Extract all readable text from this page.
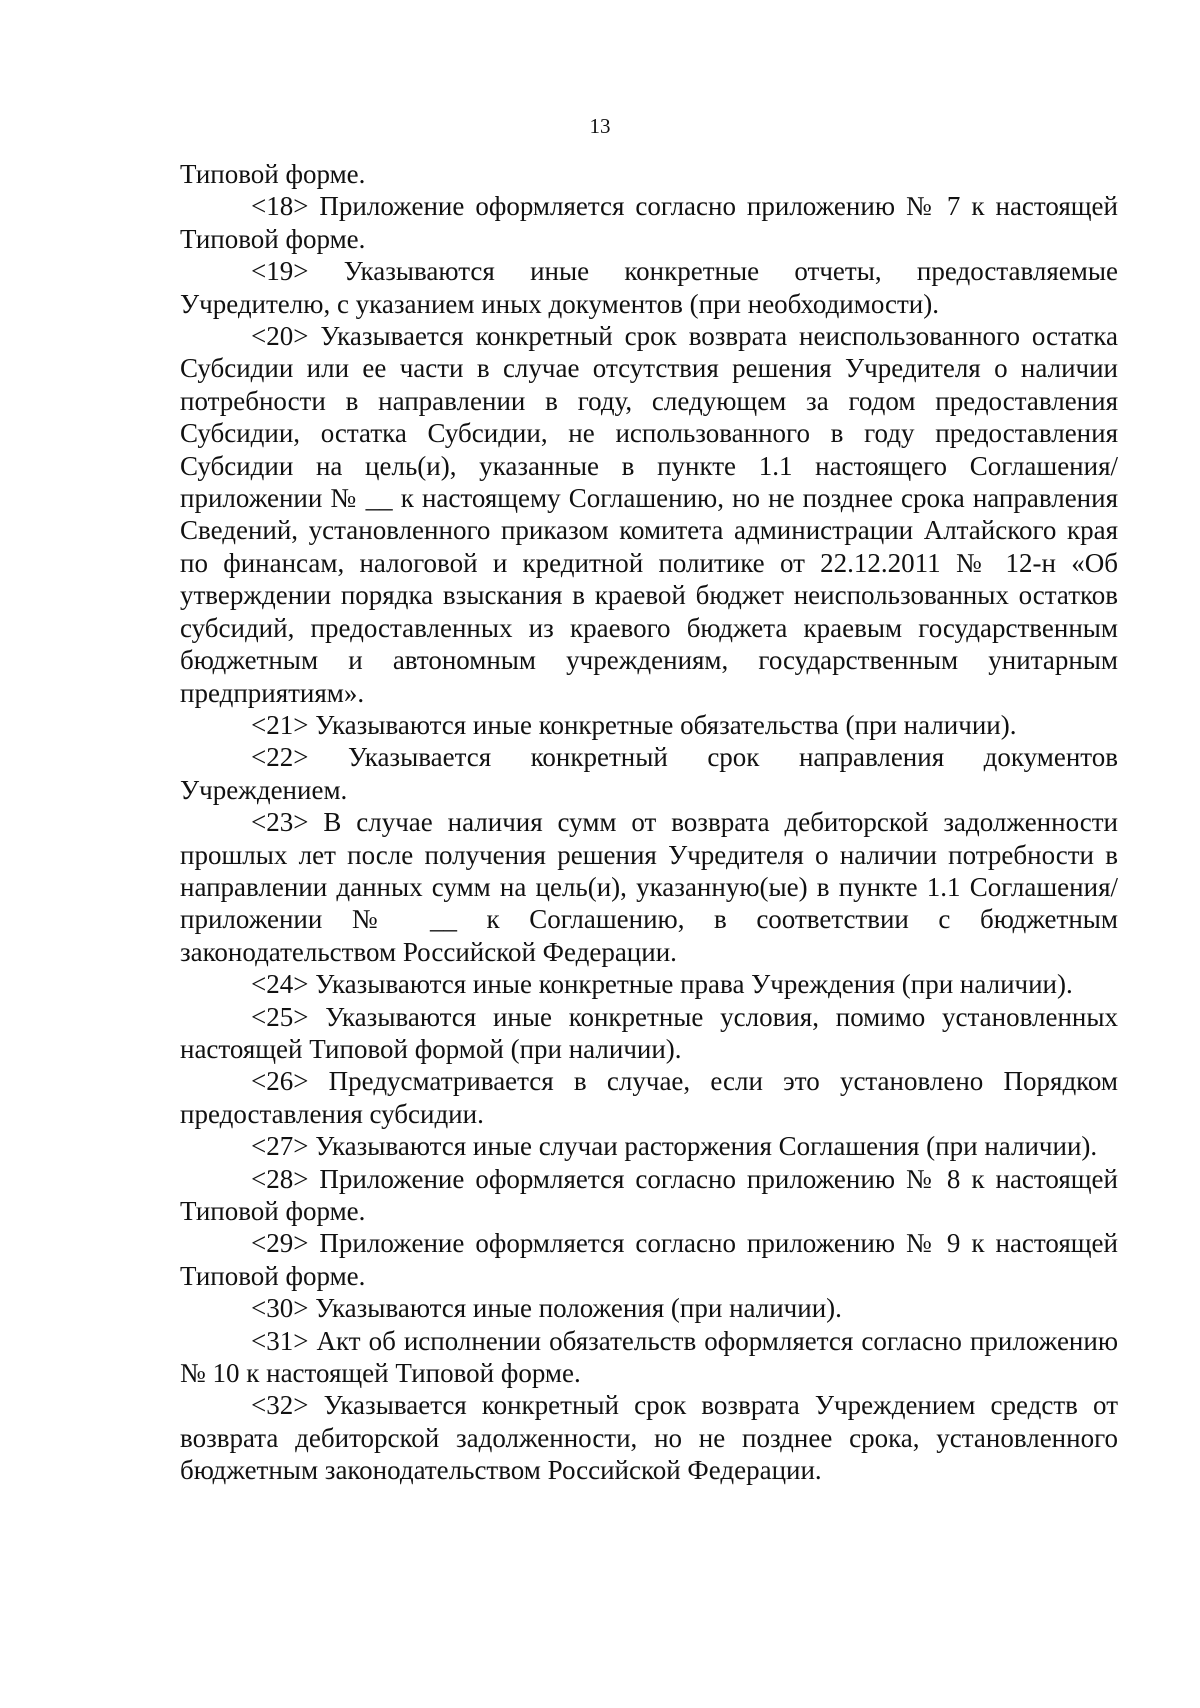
13

Типовой форме.

<18> Приложение оформляется согласно приложению № 7 к настоящей Типовой форме.

<19> Указываются иные конкретные отчеты, предоставляемые Учредителю, с указанием иных документов (при необходимости).

<20> Указывается конкретный срок возврата неиспользованного остатка Субсидии или ее части в случае отсутствия решения Учредителя о наличии потребности в направлении в году, следующем за годом предоставления Субсидии, остатка Субсидии, не использованного в году предоставления Субсидии на цель(и), указанные в пункте 1.1 настоящего Соглашения/приложении № __ к настоящему Соглашению, но не позднее срока направления Сведений, установленного приказом комитета администрации Алтайского края по финансам, налоговой и кредитной политике от 22.12.2011 № 12-н «Об утверждении порядка взыскания в краевой бюджет неиспользованных остатков субсидий, предоставленных из краевого бюджета краевым государственным бюджетным и автономным учреждениям, государственным унитарным предприятиям».

<21> Указываются иные конкретные обязательства (при наличии).

<22> Указывается конкретный срок направления документов Учреждением.

<23> В случае наличия сумм от возврата дебиторской задолженности прошлых лет после получения решения Учредителя о наличии потребности в направлении данных сумм на цель(и), указанную(ые) в пункте 1.1 Соглашения/приложении № __ к Соглашению, в соответствии с бюджетным законодательством Российской Федерации.

<24> Указываются иные конкретные права Учреждения (при наличии).

<25> Указываются иные конкретные условия, помимо установленных настоящей Типовой формой (при наличии).

<26> Предусматривается в случае, если это установлено Порядком предоставления субсидии.

<27> Указываются иные случаи расторжения Соглашения (при наличии).

<28> Приложение оформляется согласно приложению № 8 к настоящей Типовой форме.

<29> Приложение оформляется согласно приложению № 9 к настоящей Типовой форме.

<30> Указываются иные положения (при наличии).

<31> Акт об исполнении обязательств оформляется согласно приложению № 10 к настоящей Типовой форме.

<32> Указывается конкретный срок возврата Учреждением средств от возврата дебиторской задолженности, но не позднее срока, установленного бюджетным законодательством Российской Федерации.
